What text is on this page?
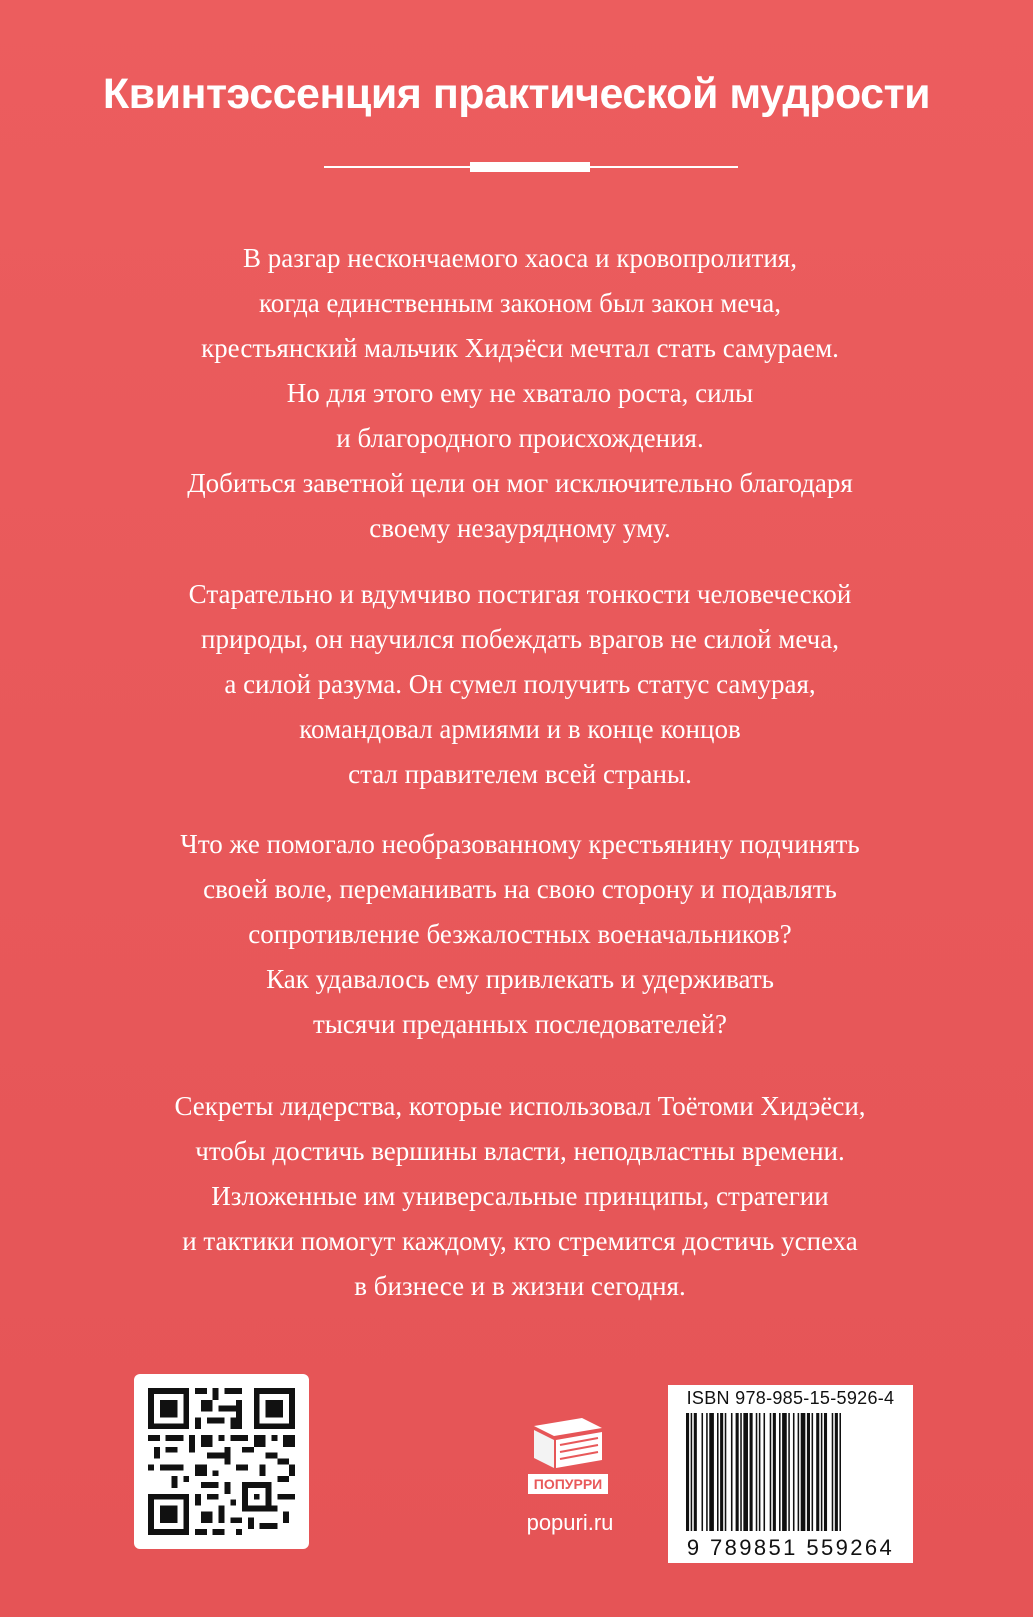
Квинтэссенция практической мудрости
В разгар нескончаемого хаоса и кровопролития,
когда единственным законом был закон меча,
крестьянский мальчик Хидэёси мечтал стать самураем.
Но для этого ему не хватало роста, силы
и благородного происхождения.
Добиться заветной цели он мог исключительно благодаря
своему незаурядному уму.
Старательно и вдумчиво постигая тонкости человеческой
природы, он научился побеждать врагов не силой меча,
а силой разума. Он сумел получить статус самурая,
командовал армиями и в конце концов
стал правителем всей страны.
Что же помогало необразованному крестьянину подчинять
своей воле, переманивать на свою сторону и подавлять
сопротивление безжалостных военачальников?
Как удавалось ему привлекать и удерживать
тысячи преданных последователей?
Секреты лидерства, которые использовал Тоётоми Хидэёси,
чтобы достичь вершины власти, неподвластны времени.
Изложенные им универсальные принципы, стратегии
и тактики помогут каждому, кто стремится достичь успеха
в бизнесе и в жизни сегодня.
ПОПУРРИ
popuri.ru
ISBN 978-985-15-5926-4
9 789851 559264
